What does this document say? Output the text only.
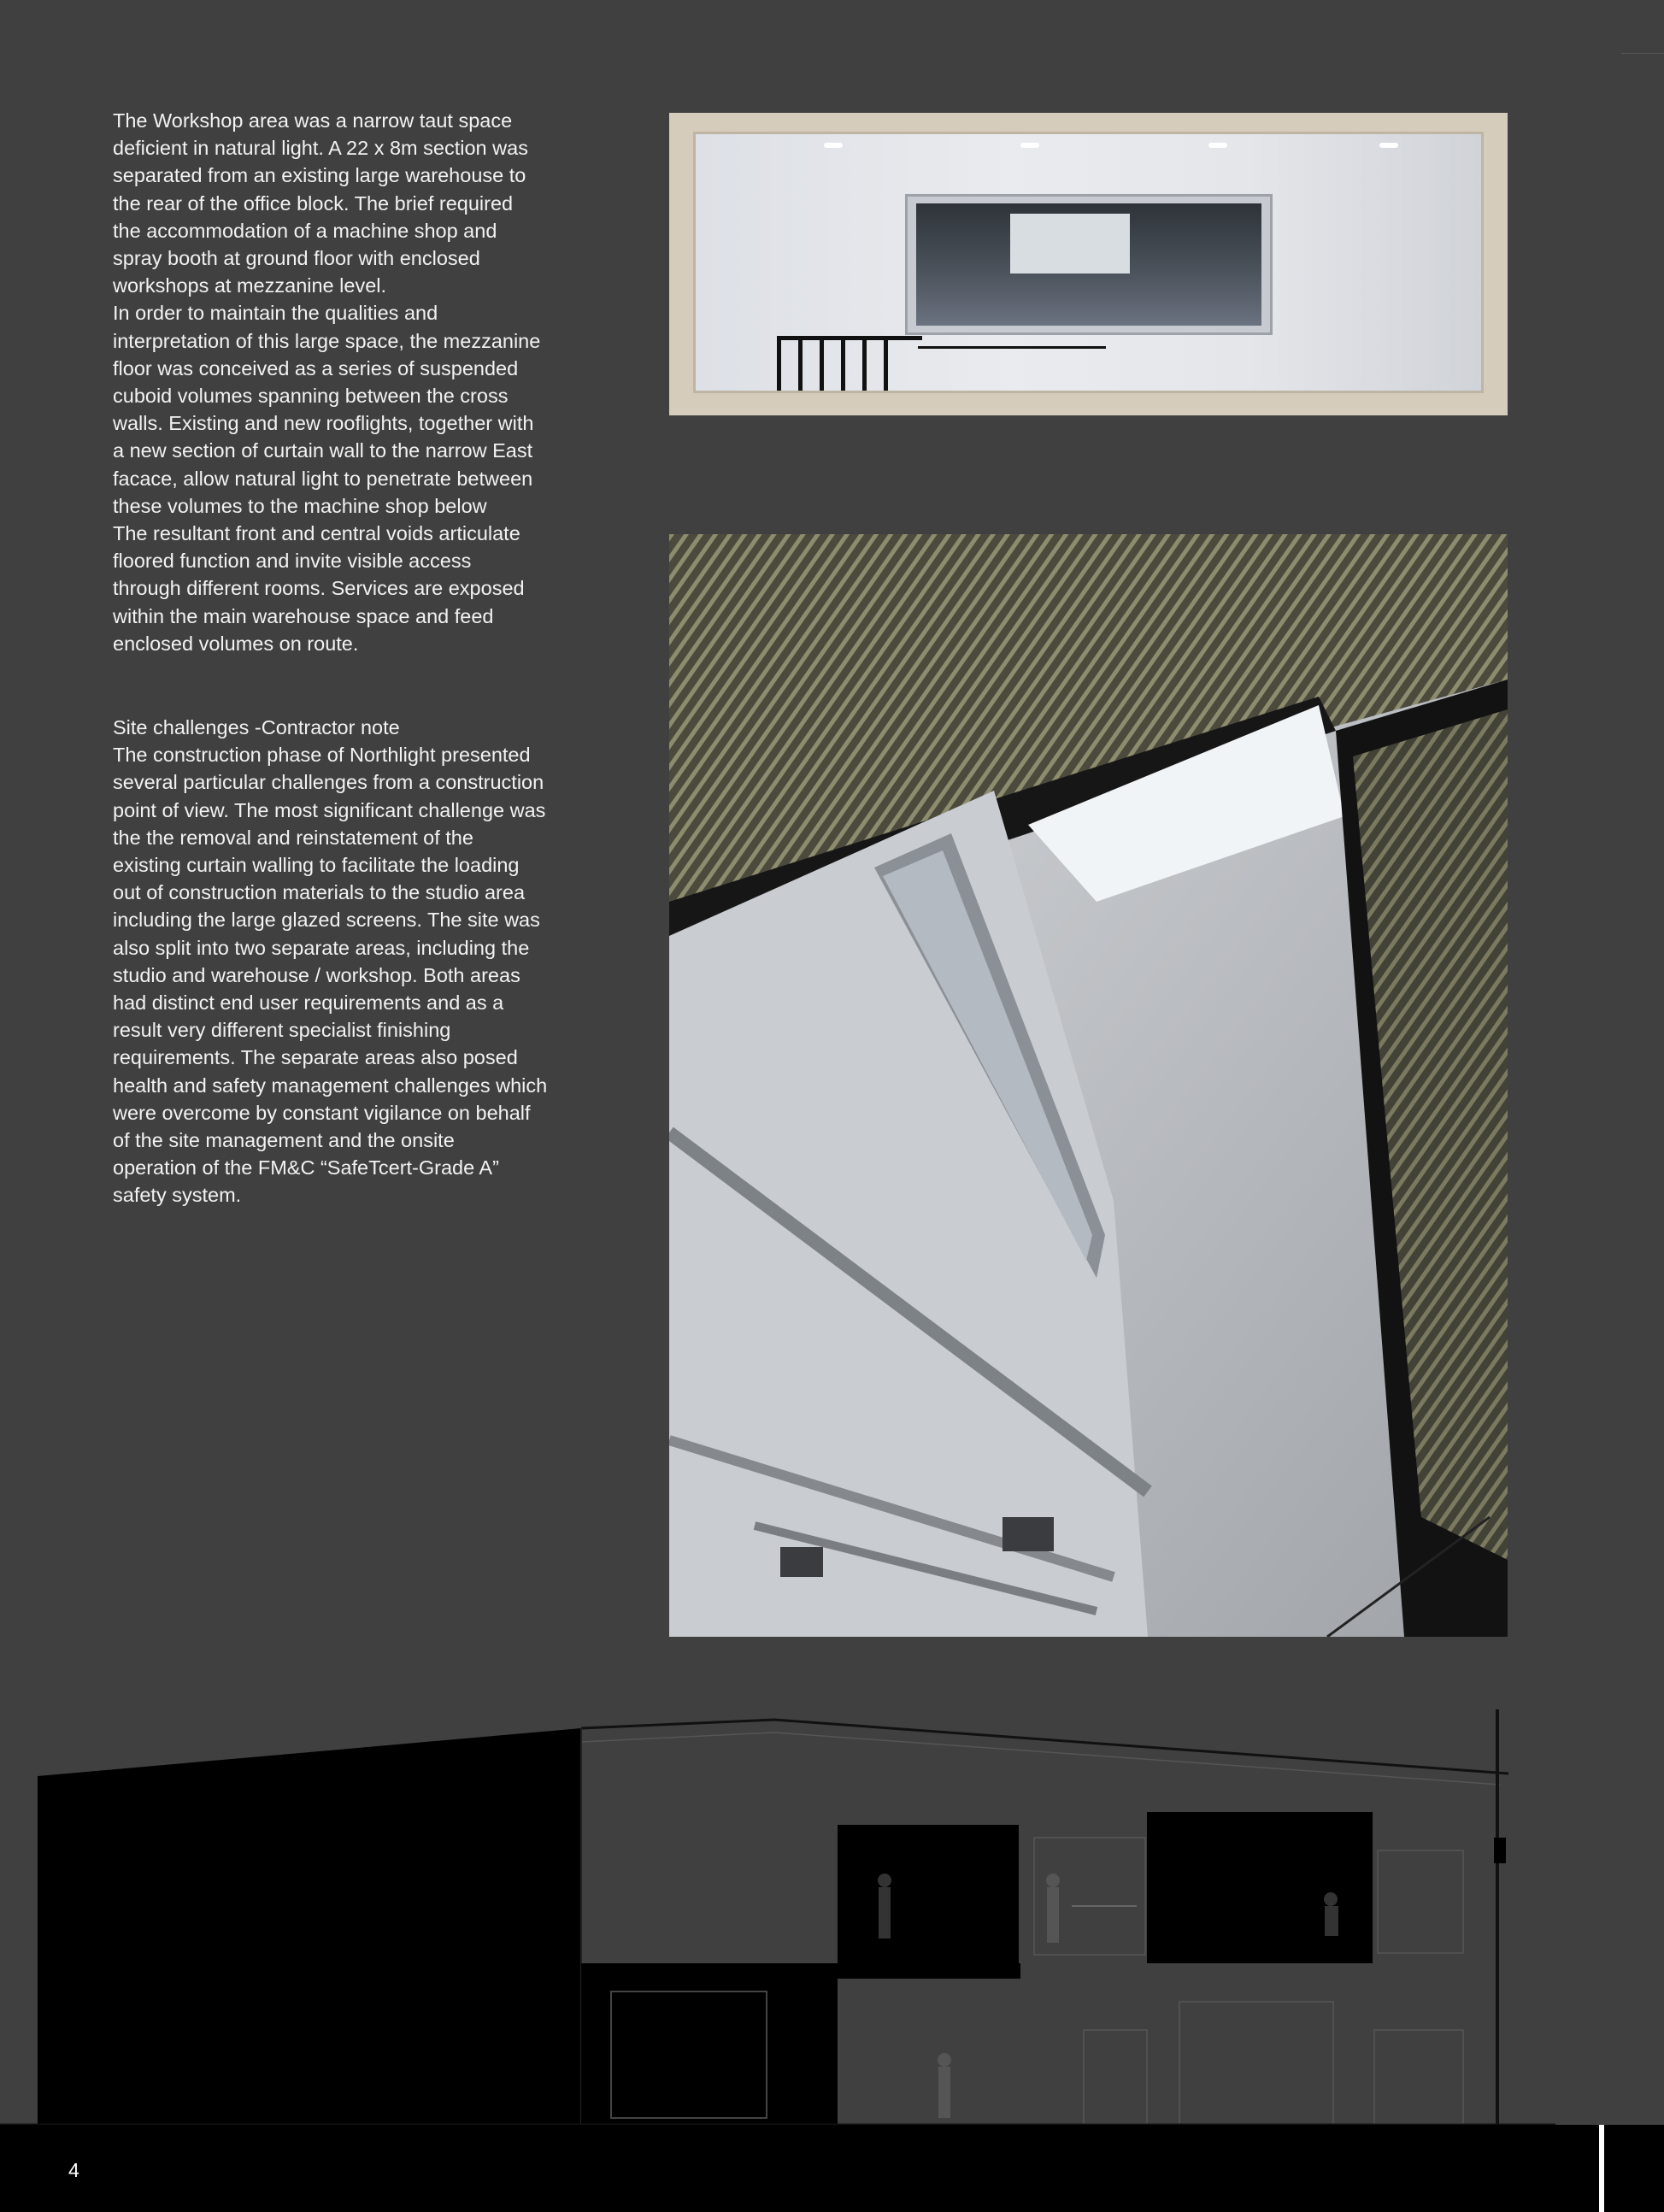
The Workshop area was a narrow taut space

deficient in natural light. A 22 x 8m section was

separated from an existing large warehouse to

the rear of the office block. The brief required

the accommodation of a machine shop and

spray booth at ground floor with enclosed

workshops at mezzanine level.

In order to maintain the qualities and

interpretation of this large space, the mezzanine

floor was conceived as a series of suspended

cuboid volumes spanning between the cross

walls. Existing and new rooflights, together with

a new section of curtain wall to the narrow East

facace, allow natural light to penetrate between

these volumes to the machine shop below

The resultant front and central voids articulate

floored function and invite visible access

through different rooms. Services are exposed

within the main warehouse space and feed

enclosed volumes on route.

Site challenges -Contractor note

The construction phase of Northlight presented

several particular challenges from a construction

point of view. The most significant challenge was

the the removal and reinstatement of the

existing curtain walling to facilitate the loading

out of construction materials to the studio area

including the large glazed screens. The site was

also split into two separate areas, including the

studio and warehouse / workshop. Both areas

had distinct end user requirements and as a

result very different specialist finishing

requirements. The separate areas also posed

health and safety management challenges which

were overcome by constant vigilance on behalf

of the site management and the onsite

operation of the FM&C “SafeTcert-Grade A”

safety system.

4
